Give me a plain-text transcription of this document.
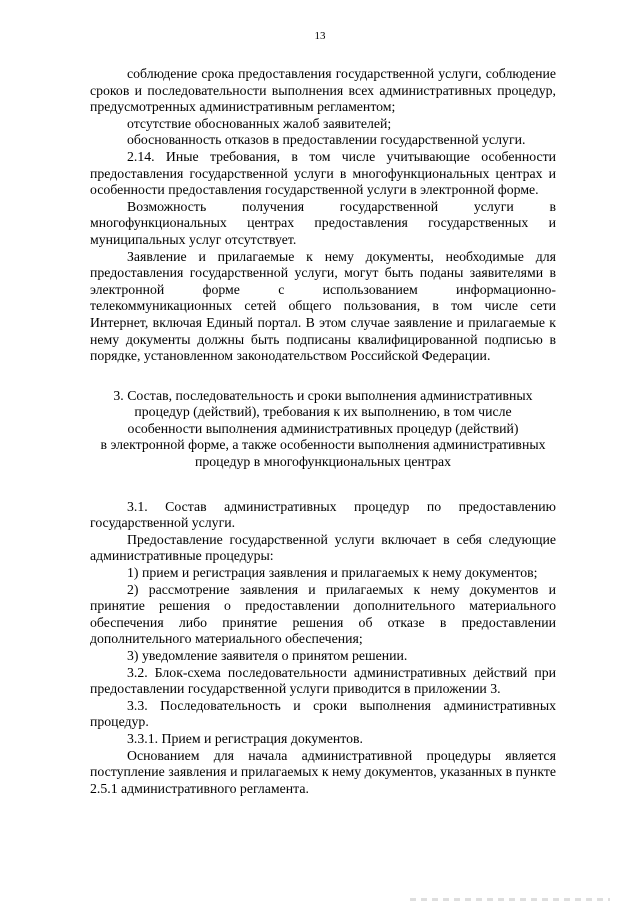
13

соблюдение срока предоставления государственной услуги, соблюдение сроков и последовательности выполнения всех административных процедур, предусмотренных административным регламентом;

отсутствие обоснованных жалоб заявителей;

обоснованность отказов в предоставлении государственной услуги.

2.14. Иные требования, в том числе учитывающие особенности предоставления государственной услуги в многофункциональных центрах и особенности предоставления государственной услуги в электронной форме.

Возможность получения государственной услуги в многофункциональных центрах предоставления государственных и муниципальных услуг отсутствует.

Заявление и прилагаемые к нему документы, необходимые для предоставления государственной услуги, могут быть поданы заявителями в электронной форме с использованием информационно-телекоммуникационных сетей общего пользования, в том числе сети Интернет, включая Единый портал. В этом случае заявление и прилагаемые к нему документы должны быть подписаны квалифицированной подписью в порядке, установленном законодательством Российской Федерации.

3. Состав, последовательность и сроки выполнения административных
процедур (действий), требования к их выполнению, в том числе
особенности выполнения административных процедур (действий)
в электронной форме, а также особенности выполнения административных
процедур в многофункциональных центрах

3.1. Состав административных процедур по предоставлению государственной услуги.

Предоставление государственной услуги включает в себя следующие административные процедуры:

1) прием и регистрация заявления и прилагаемых к нему документов;

2) рассмотрение заявления и прилагаемых к нему документов и принятие решения о предоставлении дополнительного материального обеспечения либо принятие решения об отказе в предоставлении дополнительного материального обеспечения;

3) уведомление заявителя о принятом решении.

3.2. Блок-схема последовательности административных действий при предоставлении государственной услуги приводится в приложении 3.

3.3. Последовательность и сроки выполнения административных процедур.

3.3.1. Прием и регистрация документов.

Основанием для начала административной процедуры является поступление заявления и прилагаемых к нему документов, указанных в пункте 2.5.1 административного регламента.
